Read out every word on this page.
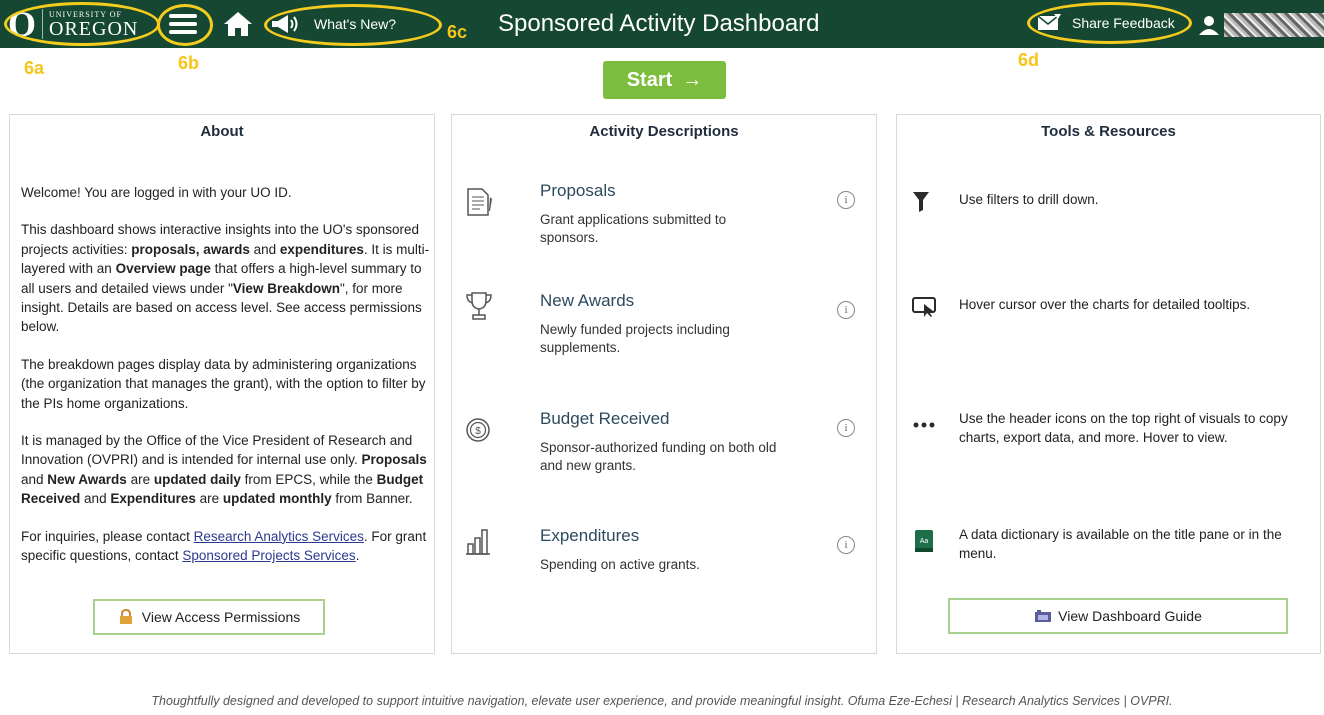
O UNIVERSITY OF
OREGON	What's New?	Sponsored Activity Dashboard	Share Feedback
6a	6b
6c
6d
Start →
About

Welcome! You are logged in with your UO ID.

This dashboard shows interactive insights into the UO's sponsored projects activities: proposals, awards and expenditures. It is multi-layered with an Overview page that offers a high-level summary to all users and detailed views under "View Breakdown", for more insight. Details are based on access level. See access permissions below.

The breakdown pages display data by administering organizations (the organization that manages the grant), with the option to filter by the PIs home organizations.

It is managed by the Office of the Vice President of Research and Innovation (OVPRI) and is intended for internal use only. Proposals and New Awards are updated daily from EPCS, while the Budget Received and Expenditures are updated monthly from Banner.

For inquiries, please contact Research Analytics Services. For grant specific questions, contact Sponsored Projects Services.

View Access Permissions
Activity Descriptions
Proposals
Grant applications submitted to sponsors.
i
New Awards
Newly funded projects including supplements.
i
$
Budget Received
Sponsor-authorized funding on both old and new grants.
i
Expenditures
Spending on active grants.
i
Tools & Resources
Use filters to drill down.
Hover cursor over the charts for detailed tooltips.
Use the header icons on the top right of visuals to copy charts, export data, and more. Hover to view.
Aa A data dictionary is available on the title pane or in the menu.
View Dashboard Guide
Thoughtfully designed and developed to support intuitive navigation, elevate user experience, and provide meaningful insight. Ofuma Eze-Echesi | Research Analytics Services | OVPRI.
